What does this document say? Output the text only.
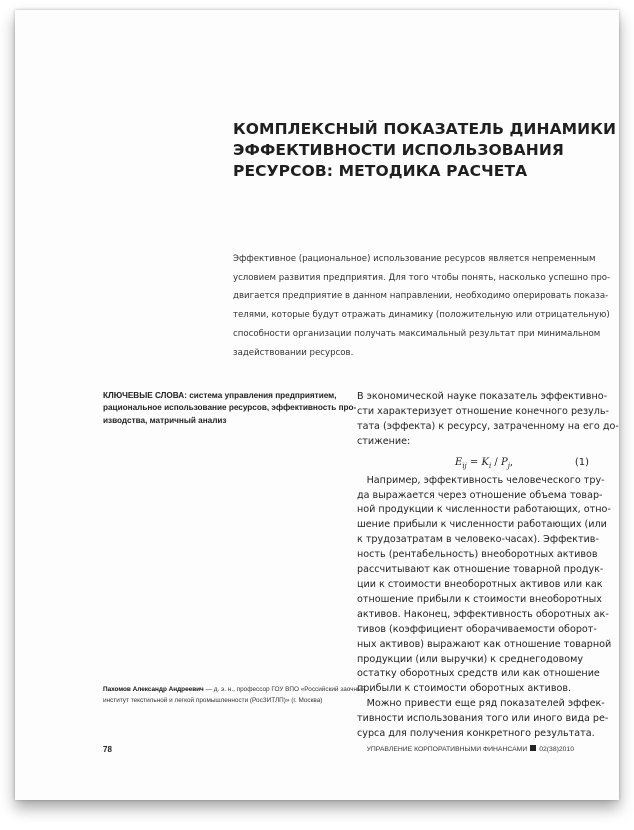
КОМПЛЕКСНЫЙ ПОКАЗАТЕЛЬ ДИНАМИКИ
ЭФФЕКТИВНОСТИ ИСПОЛЬЗОВАНИЯ
РЕСУРСОВ: МЕТОДИКА РАСЧЕТА
Эффективное (рациональное) использование ресурсов является непременным
условием развития предприятия. Для того чтобы понять, насколько успешно про-
двигается предприятие в данном направлении, необходимо оперировать показа-
телями, которые будут отражать динамику (положительную или отрицательную)
способности организации получать максимальный результат при минимальном
задействовании ресурсов.
КЛЮЧЕВЫЕ СЛОВА: система управления предприятием,
рациональное использование ресурсов, эффективность про-
изводства, матричный анализ
В экономической науке показатель эффективно-
сти характеризует отношение конечного резуль-
тата (эффекта) к ресурсу, затраченному на его до-
стижение:
$E_{ij} = K_i / P_j$,	(1)
 Например, эффективность человеческого тру-
да выражается через отношение объема товар-
ной продукции к численности работающих, отно-
шение прибыли к численности работающих (или
к трудозатратам в человеко-часах). Эффектив-
ность (рентабельность) внеоборотных активов
рассчитывают как отношение товарной продук-
ции к стоимости внеоборотных активов или как
отношение прибыли к стоимости внеоборотных
активов. Наконец, эффективность оборотных ак-
тивов (коэффициент оборачиваемости оборот-
ных активов) выражают как отношение товарной
продукции (или выручки) к среднегодовому
остатку оборотных средств или как отношение
прибыли к стоимости оборотных активов.
 Можно привести еще ряд показателей эффек-
тивности использования того или иного вида ре-
сурса для получения конкретного результата.
Пахомов Александр Андреевич — д. э. н., профессор ГОУ ВПО «Российский заочный
институт текстильной и легкой промышленности (РосЗИТЛП)» (г. Москва)
78	УПРАВЛЕНИЕ КОРПОРАТИВНЫМИ ФИНАНСАМИ 02(38)2010
